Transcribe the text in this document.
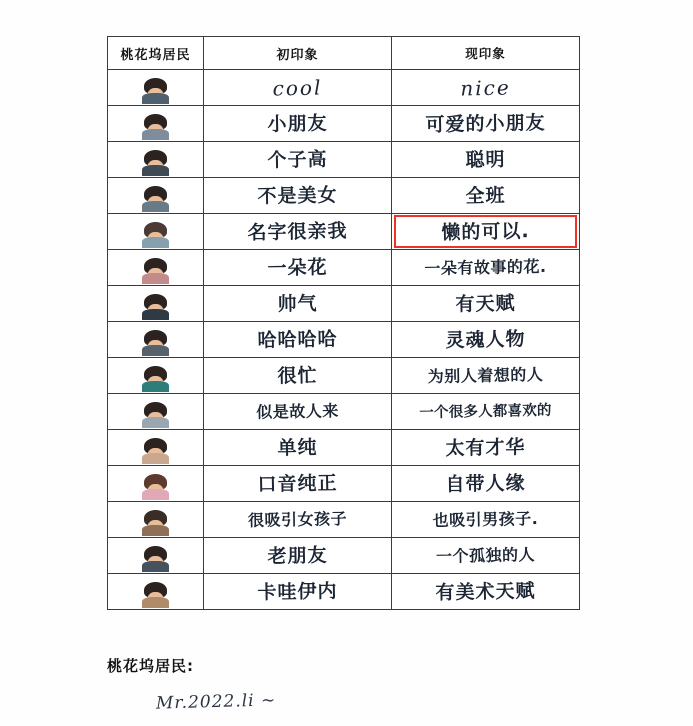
桃花坞居民	初印象	现印象

	cool	nice

	小朋友	可爱的小朋友

	个子高	聪明

	不是美女	全班

	名字很亲我	懒的可以.

	一朵花	一朵有故事的花.

	帅气	有天赋

	哈哈哈哈	灵魂人物

	很忙	为别人着想的人

	似是故人来	一个很多人都喜欢的

	单纯	太有才华

	口音纯正	自带人缘

	很吸引女孩子	也吸引男孩子.

	老朋友	一个孤独的人

	卡哇伊内	有美术天赋
桃花坞居民:
Mr.2022.li ~
